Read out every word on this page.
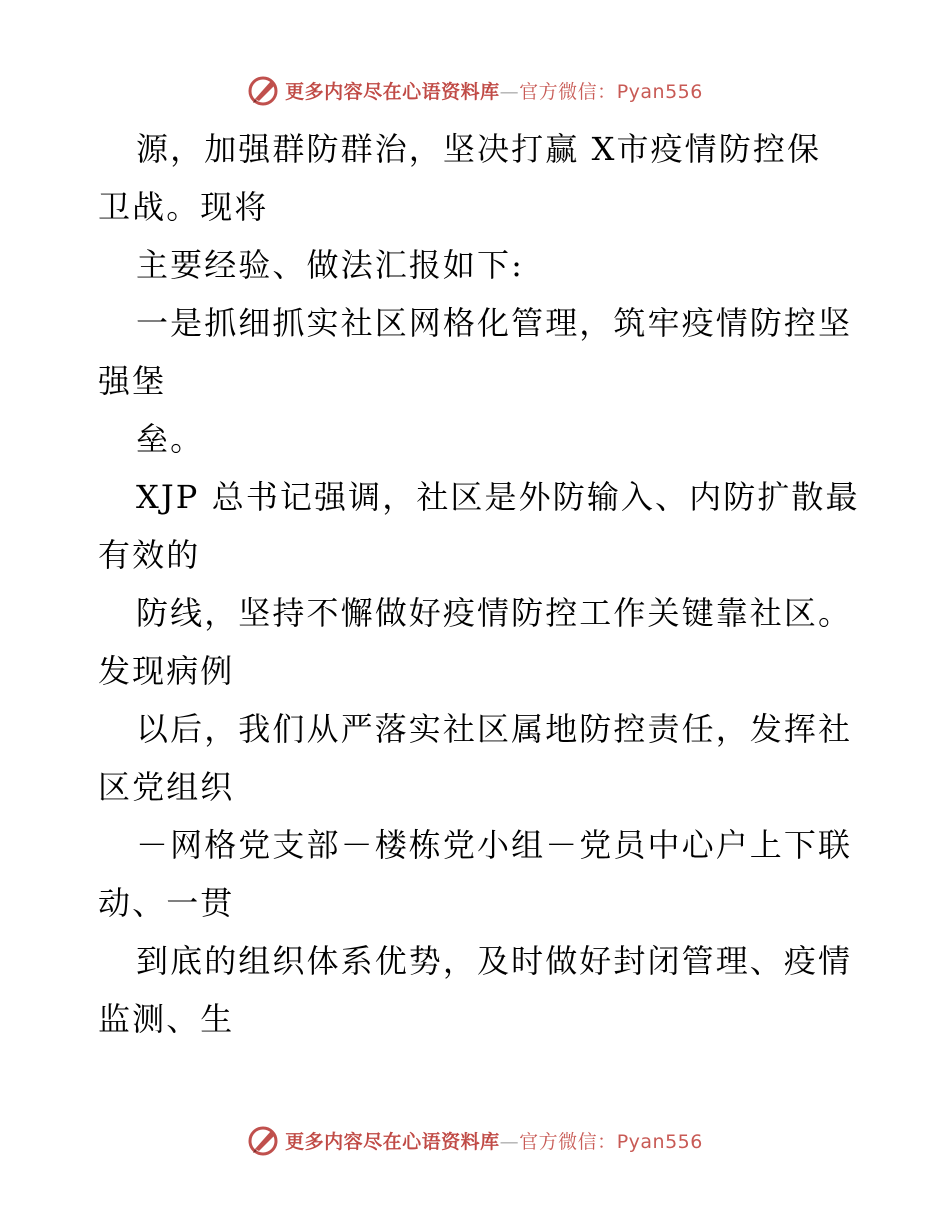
更多内容尽在心语资料库—官方微信：Pyan556
源，加强群防群治，坚决打赢 X市疫情防控保
卫战。现将
主要经验、做法汇报如下:
一是抓细抓实社区网格化管理，筑牢疫情防控坚
强堡
垒。
XJP 总书记强调，社区是外防输入、内防扩散最
有效的
防线，坚持不懈做好疫情防控工作关键靠社区。
发现病例
以后，我们从严落实社区属地防控责任，发挥社
区党组织
－网格党支部－楼栋党小组－党员中心户上下联
动、一贯
到底的组织体系优势，及时做好封闭管理、疫情
监测、生
更多内容尽在心语资料库—官方微信：Pyan556
